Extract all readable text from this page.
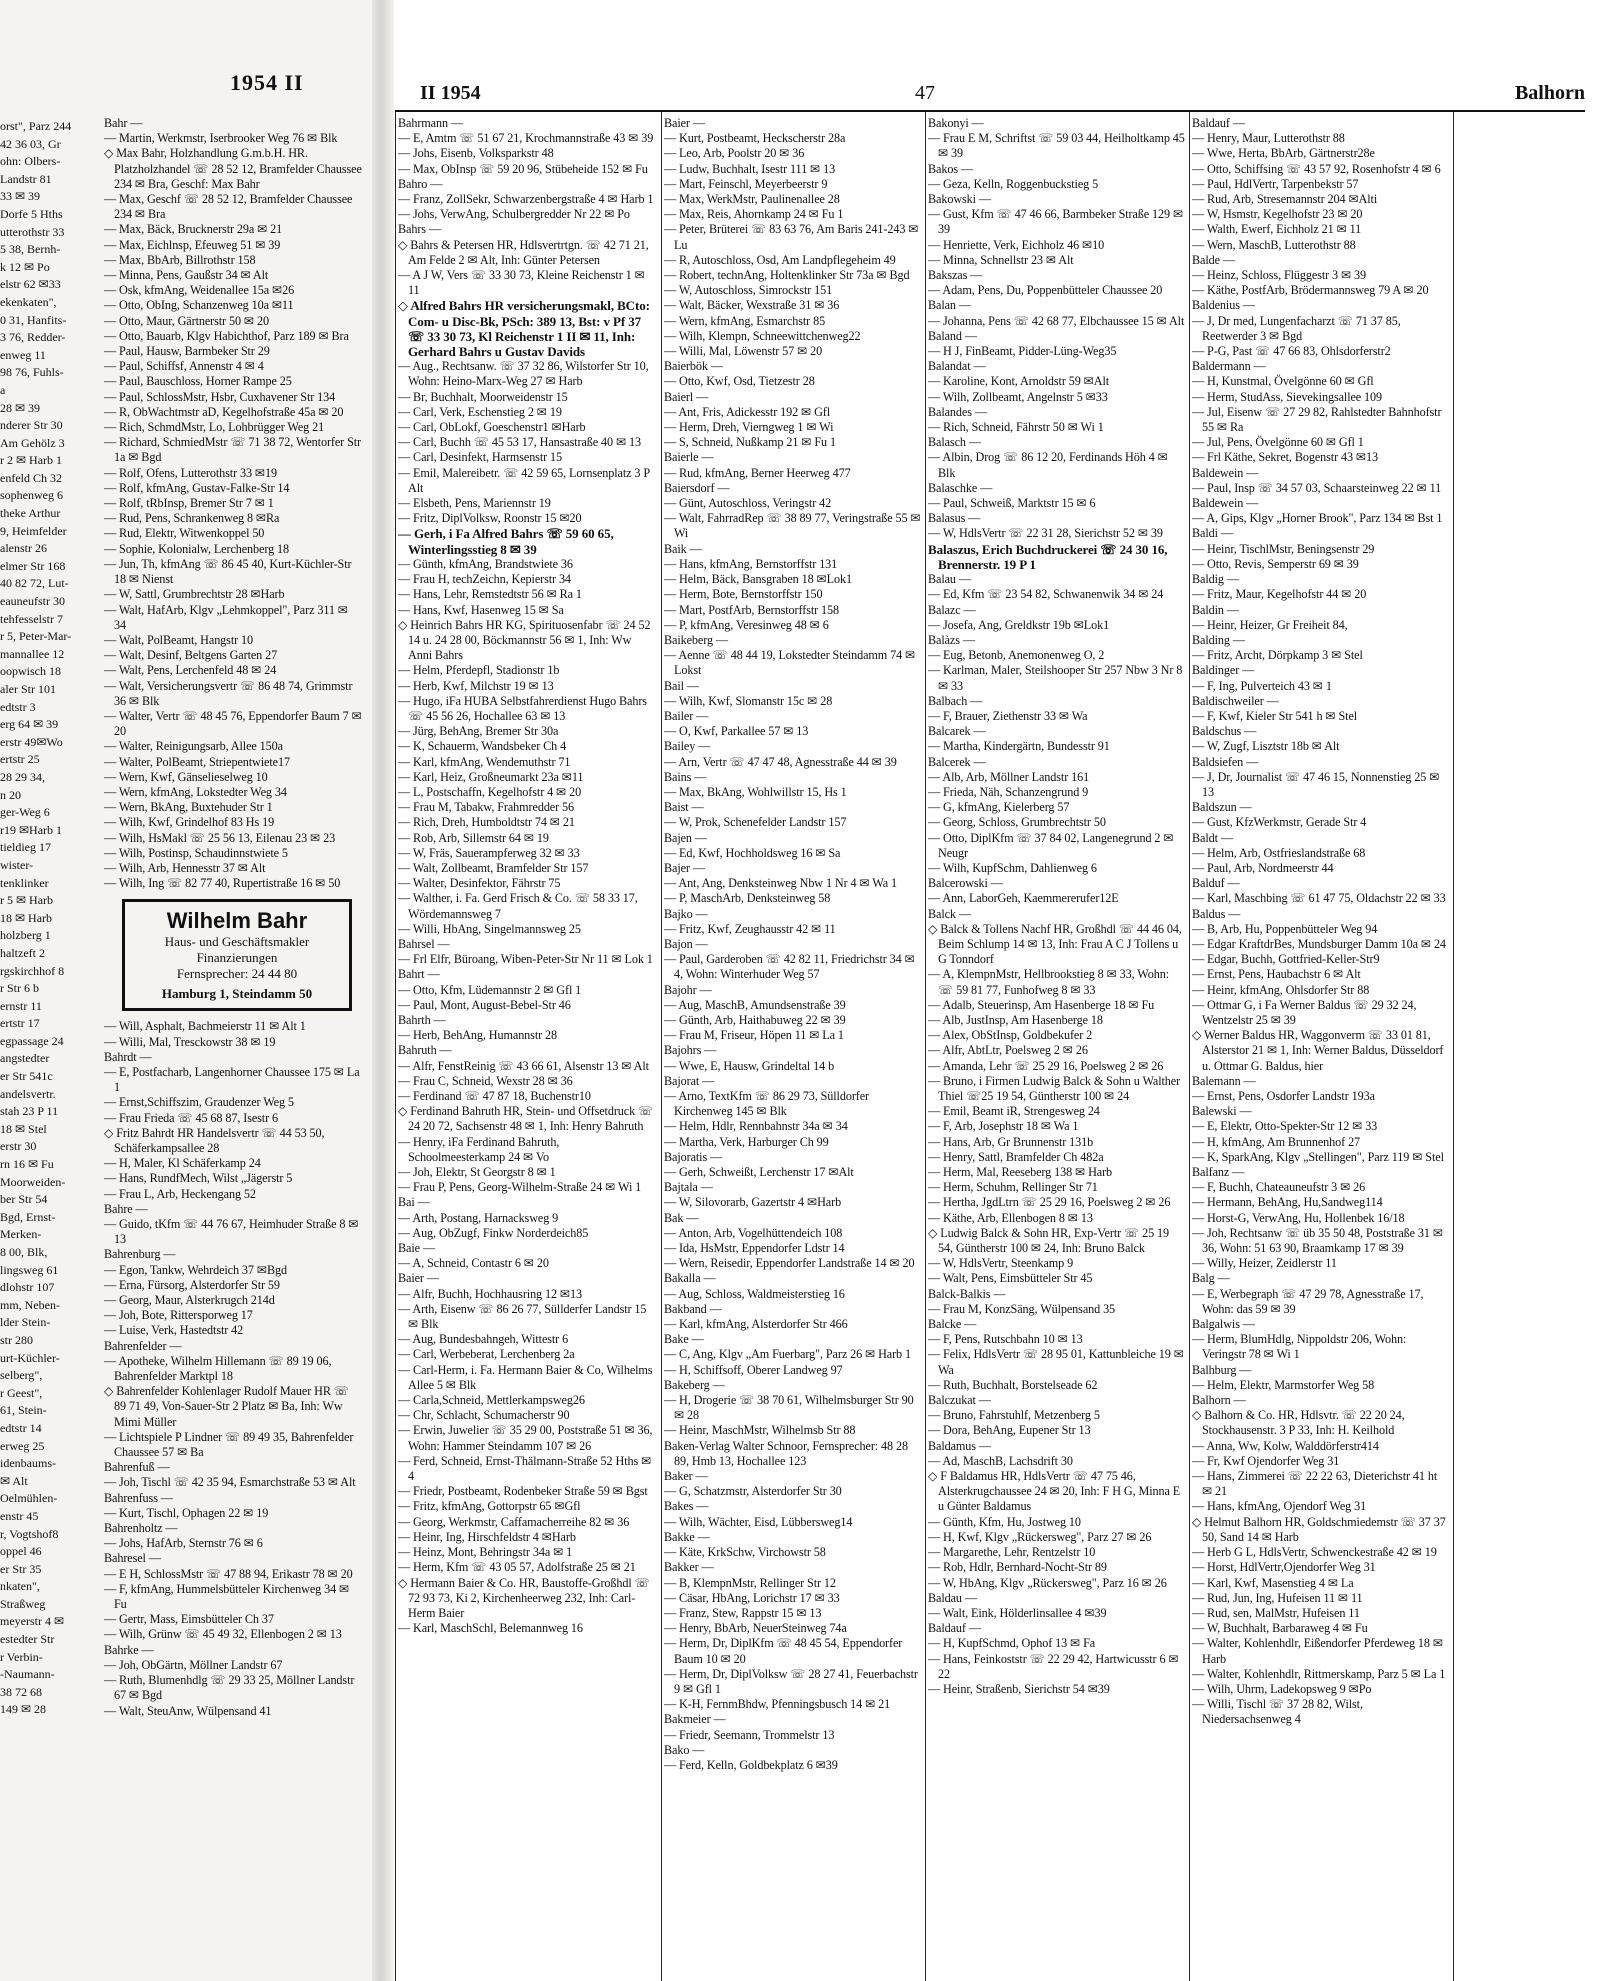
1954 II
orst", Parz 244
42 36 03, Gr
ohn: Olbers-
Landstr 81
33 ✉ 39
Dorfe 5 Hths
utterothstr 33
5 38, Bernh-
k 12 ✉ Po
elstr 62 ✉33
ekenkaten",
0 31, Hanfits-
3 76, Redder-
enweg 11
98 76, Fuhls-
a
28 ✉ 39
nderer Str 30
Am Gehölz 3
r 2 ✉ Harb 1
enfeld Ch 32
sophenweg 6
theke Arthur
9, Heimfelder
alenstr 26
elmer Str 168
40 82 72, Lut-
eauneufstr 30
tehfesselstr 7
r 5, Peter-Mar-
mannallee 12
oopwisch 18
aler Str 101
edtstr 3
erg 64 ✉ 39
erstr 49✉Wo
ertstr 25
28 29 34,
n 20
ger-Weg 6
r19 ✉Harb 1
tieldieg 17
wister-
tenklinker
r 5 ✉ Harb
18 ✉ Harb
holzberg 1
haltzeft 2
rgskirchhof 8
r Str 6 b
ernstr 11
ertstr 17
egpassage 24
angstedter
er Str 541c
andelsvertr.
stah 23 P 11
18 ✉ Stel
erstr 30
rn 16 ✉ Fu
Moorweiden-
ber Str 54
Bgd, Ernst-
Merken-
8 00, Blk,
lingsweg 61
dlohstr 107
mm, Neben-
lder Stein-
str 280
urt-Küchler-
selberg",
r Geest",
61, Stein-
edtstr 14
erweg 25
idenbaums-
✉ Alt
Oelmühlen-
enstr 45
r, Vogtshof8
oppel 46
er Str 35
nkaten",
Straßweg
meyerstr 4 ✉
estedter Str
r Verbin-
-Naumann-
38 72 68
149 ✉ 28
II 1954	47	Balhorn
Bahr —
— Martin, Werkmstr, Iserbrooker Weg 76 ✉ Blk
◇ Max Bahr, Holzhandlung G.m.b.H. HR. Platzholzhandel ☏ 28 52 12, Bramfelder Chaussee 234 ✉ Bra, Geschf: Max Bahr
— Max, Geschf ☏ 28 52 12, Bramfelder Chaussee 234 ✉ Bra
— Max, Bäck, Brucknerstr 29a ✉ 21
— Max, Eichlnsp, Efeuweg 51 ✉ 39
— Max, BbArb, Billrothstr 158
— Minna, Pens, Gaußstr 34 ✉ Alt
— Osk, kfmAng, Weidenallee 15a ✉26
— Otto, ObIng, Schanzenweg 10a ✉11
— Otto, Maur, Gärtnerstr 50 ✉ 20
— Otto, Bauarb, Klgv Habichthof, Parz 189 ✉ Bra
— Paul, Hausw, Barmbeker Str 29
— Paul, Schiffsf, Annenstr 4 ✉ 4
— Paul, Bauschloss, Horner Rampe 25
— Paul, SchlossMstr, Hsbr, Cuxhavener Str 134
— R, ObWachtmstr aD, Kegelhofstraße 45a ✉ 20
— Rich, SchmdMstr, Lo, Lohbrügger Weg 21
— Richard, SchmiedMstr ☏ 71 38 72, Wentorfer Str 1a ✉ Bgd
— Rolf, Ofens, Lutterothstr 33 ✉19
— Rolf, kfmAng, Gustav-Falke-Str 14
— Rolf, tRbInsp, Bremer Str 7 ✉ 1
— Rud, Pens, Schrankenweg 8 ✉Ra
— Rud, Elektr, Witwenkoppel 50
— Sophie, Kolonialw, Lerchenberg 18
— Jun, Th, kfmAng ☏ 86 45 40, Kurt-Küchler-Str 18 ✉ Nienst
— W, Sattl, Grumbrechtstr 28 ✉Harb
— Walt, HafArb, Klgv „Lehmkoppel", Parz 311 ✉ 34
— Walt, PolBeamt, Hangstr 10
— Walt, Desinf, Beltgens Garten 27
— Walt, Pens, Lerchenfeld 48 ✉ 24
— Walt, Versicherungsvertr ☏ 86 48 74, Grimmstr 36 ✉ Blk
— Walter, Vertr ☏ 48 45 76, Eppendorfer Baum 7 ✉ 20
— Walter, Reinigungsarb, Allee 150a
— Walter, PolBeamt, Striepentwiete17
— Wern, Kwf, Gänselieselweg 10
— Wern, kfmAng, Lokstedter Weg 34
— Wern, BkAng, Buxtehuder Str 1
— Wilh, Kwf, Grindelhof 83 Hs 19
— Wilh, HsMakl ☏ 25 56 13, Eilenau 23 ✉ 23
— Wilh, Postinsp, Schaudinnstwiete 5
— Wilh, Arb, Hennesstr 37 ✉ Alt
— Wilh, Ing ☏ 82 77 40, Rupertistraße 16 ✉ 50
Wilhelm Bahr
Haus- und Geschäftsmakler
Finanzierungen
Fernsprecher: 24 44 80
Hamburg 1, Steindamm 50
— Will, Asphalt, Bachmeierstr 11 ✉ Alt 1
— Willi, Mal, Tresckowstr 38 ✉ 19
Bahrdt —
— E, Postfacharb, Langenhorner Chaussee 175 ✉ La 1
— Ernst,Schiffszim, Graudenzer Weg 5
— Frau Frieda ☏ 45 68 87, Isestr 6
◇ Fritz Bahrdt HR Handelsvertr ☏ 44 53 50, Schäferkampsallee 28
— H, Maler, Kl Schäferkamp 24
— Hans, RundfMech, Wilst „Jägerstr 5
— Frau L, Arb, Heckengang 52
Bahre —
— Guido, tKfm ☏ 44 76 67, Heimhuder Straße 8 ✉ 13
Bahrenburg —
— Egon, Tankw, Wehrdeich 37 ✉Bgd
— Erna, Fürsorg, Alsterdorfer Str 59
— Georg, Maur, Alsterkrugch 214d
— Joh, Bote, Rittersporweg 17
— Luise, Verk, Hastedtstr 42
Bahrenfelder —
— Apotheke, Wilhelm Hillemann ☏ 89 19 06, Bahrenfelder Marktpl 18
◇ Bahrenfelder Kohlenlager Rudolf Mauer HR ☏ 89 71 49, Von-Sauer-Str 2 Platz ✉ Ba, Inh: Ww Mimi Müller
— Lichtspiele P Lindner ☏ 89 49 35, Bahrenfelder Chaussee 57 ✉ Ba
Bahrenfuß —
— Joh, Tischl ☏ 42 35 94, Esmarchstraße 53 ✉ Alt
Bahrenfuss —
— Kurt, Tischl, Ophagen 22 ✉ 19
Bahrenholtz —
— Johs, HafArb, Sternstr 76 ✉ 6
Bahresel —
— E H, SchlossMstr ☏ 47 88 94, Erikastr 78 ✉ 20
— F, kfmAng, Hummelsbütteler Kirchenweg 34 ✉ Fu
— Gertr, Mass, Eimsbütteler Ch 37
— Wilh, Grünw ☏ 45 49 32, Ellenbogen 2 ✉ 13
Bahrke —
— Joh, ObGärtn, Möllner Landstr 67
— Ruth, Blumenhdlg ☏ 29 33 25, Möllner Landstr 67 ✉ Bgd
— Walt, SteuAnw, Wülpensand 41
Bahrmann —
— E, Amtm ☏ 51 67 21, Krochmannstraße 43 ✉ 39
— Johs, Eisenb, Volksparkstr 48
— Max, ObInsp ☏ 59 20 96, Stübeheide 152 ✉ Fu
Bahro —
— Franz, ZollSekr, Schwarzenbergstraße 4 ✉ Harb 1
— Johs, VerwAng, Schulbergredder Nr 22 ✉ Po
Bahrs —
◇ Bahrs & Petersen HR, Hdlsvertrtgn. ☏ 42 71 21, Am Felde 2 ✉ Alt, Inh: Günter Petersen
— A J W, Vers ☏ 33 30 73, Kleine Reichenstr 1 ✉ 11
◇ Alfred Bahrs HR versicherungsmakl, BCto: Com- u Disc-Bk, PSch: 389 13, Bst: v Pf 37 ☏ 33 30 73, Kl Reichenstr 1 II ✉ 11, Inh: Gerhard Bahrs u Gustav Davids
— Aug., Rechtsanw. ☏ 37 32 86, Wilstorfer Str 10, Wohn: Heino-Marx-Weg 27 ✉ Harb
— Br, Buchhalt, Moorweidenstr 15
— Carl, Verk, Eschenstieg 2 ✉ 19
— Carl, ObLokf, Goeschenstr1 ✉Harb
— Carl, Buchh ☏ 45 53 17, Hansastraße 40 ✉ 13
— Carl, Desinfekt, Harmsenstr 15
— Emil, Malereibetr. ☏ 42 59 65, Lornsenplatz 3 P Alt
— Elsbeth, Pens, Mariennstr 19
— Fritz, DiplVolksw, Roonstr 15 ✉20
— Gerh, i Fa Alfred Bahrs ☏ 59 60 65, Winterlingsstieg 8 ✉ 39
— Günth, kfmAng, Brandstwiete 36
— Frau H, techZeichn, Kepierstr 34
— Hans, Lehr, Remstedtstr 56 ✉ Ra 1
— Hans, Kwf, Hasenweg 15 ✉ Sa
◇ Heinrich Bahrs HR KG, Spirituosenfabr ☏ 24 52 14 u. 24 28 00, Böckmannstr 56 ✉ 1, Inh: Ww Anni Bahrs
— Helm, Pferdepfl, Stadionstr 1b
— Herb, Kwf, Milchstr 19 ✉ 13
— Hugo, iFa HUBA Selbstfahrerdienst Hugo Bahrs ☏ 45 56 26, Hochallee 63 ✉ 13
— Jürg, BehAng, Bremer Str 30a
— K, Schauerm, Wandsbeker Ch 4
— Karl, kfmAng, Wendemuthstr 71
— Karl, Heiz, Großneumarkt 23a ✉11
— L, Postschaffn, Kegelhofstr 4 ✉ 20
— Frau M, Tabakw, Frahmredder 56
— Rich, Dreh, Humboldtstr 74 ✉ 21
— Rob, Arb, Sillemstr 64 ✉ 19
— W, Fräs, Sauerampferweg 32 ✉ 33
— Walt, Zollbeamt, Bramfelder Str 157
— Walter, Desinfektor, Fährstr 75
— Walther, i. Fa. Gerd Frisch & Co. ☏ 58 33 17, Wördemannsweg 7
— Willi, HbAng, Singelmannsweg 25
Bahrsel —
— Frl Elfr, Büroang, Wiben-Peter-Str Nr 11 ✉ Lok 1
Bahrt —
— Otto, Kfm, Lüdemannstr 2 ✉ Gfl 1
— Paul, Mont, August-Bebel-Str 46
Bahrth —
— Herb, BehAng, Humannstr 28
Bahruth —
— Alfr, FenstReinig ☏ 43 66 61, Alsenstr 13 ✉ Alt
— Frau C, Schneid, Wexstr 28 ✉ 36
— Ferdinand ☏ 47 87 18, Buchenstr10
◇ Ferdinand Bahruth HR, Stein- und Offsetdruck ☏ 24 20 72, Sachsenstr 48 ✉ 1, Inh: Henry Bahruth
— Henry, iFa Ferdinand Bahruth, Schoolmeesterkamp 24 ✉ Vo
— Joh, Elektr, St Georgstr 8 ✉ 1
— Frau P, Pens, Georg-Wilhelm-Straße 24 ✉ Wi 1
Bai —
— Arth, Postang, Harnacksweg 9
— Aug, ObZugf, Finkw Norderdeich85
Baie —
— A, Schneid, Contastr 6 ✉ 20
Baier —
— Alfr, Buchh, Hochhausring 12 ✉13
— Arth, Eisenw ☏ 86 26 77, Süllderfer Landstr 15 ✉ Blk
— Aug, Bundesbahngeh, Wittestr 6
— Carl, Werbeberat, Lerchenberg 2a
— Carl-Herm, i. Fa. Hermann Baier & Co, Wilhelms Allee 5 ✉ Blk
— Carla,Schneid, Mettlerkampsweg26
— Chr, Schlacht, Schumacherstr 90
— Erwin, Juwelier ☏ 35 29 00, Poststraße 51 ✉ 36, Wohn: Hammer Steindamm 107 ✉ 26
— Ferd, Schneid, Ernst-Thälmann-Straße 52 Hths ✉ 4
— Friedr, Postbeamt, Rodenbeker Straße 59 ✉ Bgst
— Fritz, kfmAng, Gottorpstr 65 ✉Gfl
— Georg, Werkmstr, Caffamacherreihe 82 ✉ 36
— Heinr, Ing, Hirschfeldstr 4 ✉Harb
— Heinz, Mont, Behringstr 34a ✉ 1
— Herm, Kfm ☏ 43 05 57, Adolfstraße 25 ✉ 21
◇ Hermann Baier & Co. HR, Baustoffe-Großhdl ☏ 72 93 73, Ki 2, Kirchenheerweg 232, Inh: Carl-Herm Baier
— Karl, MaschSchl, Belemannweg 16
Baier —
— Kurt, Postbeamt, Heckscherstr 28a
— Leo, Arb, Poolstr 20 ✉ 36
— Ludw, Buchhalt, Isestr 111 ✉ 13
— Mart, Feinschl, Meyerbeerstr 9
— Max, WerkMstr, Paulinenallee 28
— Max, Reis, Ahornkamp 24 ✉ Fu 1
— Peter, Brüterei ☏ 83 63 76, Am Baris 241-243 ✉ Lu
— R, Autoschloss, Osd, Am Landpflegeheim 49
— Robert, technAng, Holtenklinker Str 73a ✉ Bgd
— W, Autoschloss, Simrockstr 151
— Walt, Bäcker, Wexstraße 31 ✉ 36
— Wern, kfmAng, Esmarchstr 85
— Wilh, Klempn, Schneewittchenweg22
— Willi, Mal, Löwenstr 57 ✉ 20
Baierbök —
— Otto, Kwf, Osd, Tietzestr 28
Baierl —
— Ant, Fris, Adickesstr 192 ✉ Gfl
— Herm, Dreh, Vierngweg 1 ✉ Wi
— S, Schneid, Nußkamp 21 ✉ Fu 1
Baierle —
— Rud, kfmAng, Berner Heerweg 477
Baiersdorf —
— Günt, Autoschloss, Veringstr 42
— Walt, FahrradRep ☏ 38 89 77, Veringstraße 55 ✉ Wi
Baik —
— Hans, kfmAng, Bernstorffstr 131
— Helm, Bäck, Bansgraben 18 ✉Lok1
— Herm, Bote, Bernstorffstr 150
— Mart, PostfArb, Bernstorffstr 158
— P, kfmAng, Veresinweg 48 ✉ 6
Baikeberg —
— Aenne ☏ 48 44 19, Lokstedter Steindamm 74 ✉ Lokst
Bail —
— Wilh, Kwf, Slomanstr 15c ✉ 28
Bailer —
— O, Kwf, Parkallee 57 ✉ 13
Bailey —
— Arn, Vertr ☏ 47 47 48, Agnesstraße 44 ✉ 39
Bains —
— Max, BkAng, Wohlwillstr 15, Hs 1
Baist —
— W, Prok, Schenefelder Landstr 157
Bajen —
— Ed, Kwf, Hochholdsweg 16 ✉ Sa
Bajer —
— Ant, Ang, Denksteinweg Nbw 1 Nr 4 ✉ Wa 1
— P, MaschArb, Denksteinweg 58
Bajko —
— Fritz, Kwf, Zeughausstr 42 ✉ 11
Bajon —
— Paul, Garderoben ☏ 42 82 11, Friedrichstr 34 ✉ 4, Wohn: Winterhuder Weg 57
Bajohr —
— Aug, MaschB, Amundsenstraße 39
— Günth, Arb, Haithabuweg 22 ✉ 39
— Frau M, Friseur, Höpen 11 ✉ La 1
Bajohrs —
— Wwe, E, Hausw, Grindeltal 14 b
Bajorat —
— Arno, TextKfm ☏ 86 29 73, Sülldorfer Kirchenweg 145 ✉ Blk
— Helm, Hdlr, Rennbahnstr 34a ✉ 34
— Martha, Verk, Harburger Ch 99
Bajoratis —
— Gerh, Schweißt, Lerchenstr 17 ✉Alt
Bajtala —
— W, Silovorarb, Gazertstr 4 ✉Harb
Bak —
— Anton, Arb, Vogelhüttendeich 108
— Ida, HsMstr, Eppendorfer Ldstr 14
— Wern, Reisedir, Eppendorfer Landstraße 14 ✉ 20
Bakalla —
— Aug, Schloss, Waldmeisterstieg 16
Bakband —
— Karl, kfmAng, Alsterdorfer Str 466
Bake —
— C, Ang, Klgv „Am Fuerbarg", Parz 26 ✉ Harb 1
— H, Schiffsoff, Oberer Landweg 97
Bakeberg —
— H, Drogerie ☏ 38 70 61, Wilhelmsburger Str 90 ✉ 28
— Heinr, MaschMstr, Wilhelmsb Str 88
Baken-Verlag Walter Schnoor, Fernsprecher: 48 28 89, Hmb 13, Hochallee 123
Baker —
— G, Schatzmstr, Alsterdorfer Str 30
Bakes —
— Wilh, Wächter, Eisd, Lübbersweg14
Bakke —
— Käte, KrkSchw, Virchowstr 58
Bakker —
— B, KlempnMstr, Rellinger Str 12
— Cäsar, HbAng, Lorichstr 17 ✉ 33
— Franz, Stew, Rappstr 15 ✉ 13
— Henry, BbArb, NeuerSteinweg 74a
— Herm, Dr, DiplKfm ☏ 48 45 54, Eppendorfer Baum 10 ✉ 20
— Herm, Dr, DiplVolksw ☏ 28 27 41, Feuerbachstr 9 ✉ Gfl 1
— K-H, FernmBhdw, Pfenningsbusch 14 ✉ 21
Bakmeier —
— Friedr, Seemann, Trommelstr 13
Bako —
— Ferd, Kelln, Goldbekplatz 6 ✉39
Bakonyi —
— Frau E M, Schriftst ☏ 59 03 44, Heilholtkamp 45 ✉ 39
Bakos —
— Geza, Kelln, Roggenbuckstieg 5
Bakowski —
— Gust, Kfm ☏ 47 46 66, Barmbeker Straße 129 ✉ 39
— Henriette, Verk, Eichholz 46 ✉10
— Minna, Schnellstr 23 ✉ Alt
Bakszas —
— Adam, Pens, Du, Poppenbütteler Chaussee 20
Balan —
— Johanna, Pens ☏ 42 68 77, Elbchaussee 15 ✉ Alt
Baland —
— H J, FinBeamt, Pidder-Lüng-Weg35
Balandat —
— Karoline, Kont, Arnoldstr 59 ✉Alt
— Wilh, Zollbeamt, Angelnstr 5 ✉33
Balandes —
— Rich, Schneid, Fährstr 50 ✉ Wi 1
Balasch —
— Albin, Drog ☏ 86 12 20, Ferdinands Höh 4 ✉ Blk
Balaschke —
— Paul, Schweiß, Marktstr 15 ✉ 6
Balasus —
— W, HdlsVertr ☏ 22 31 28, Sierichstr 52 ✉ 39
Balaszus, Erich Buchdruckerei ☏ 24 30 16, Brennerstr. 19 P 1
Balau —
— Ed, Kfm ☏ 23 54 82, Schwanenwik 34 ✉ 24
Balazc —
— Josefa, Ang, Greldkstr 19b ✉Lok1
Balàzs —
— Eug, Betonb, Anemonenweg O, 2
— Karlman, Maler, Steilshooper Str 257 Nbw 3 Nr 8 ✉ 33
Balbach —
— F, Brauer, Ziethenstr 33 ✉ Wa
Balcarek —
— Martha, Kindergärtn, Bundesstr 91
Balcerek —
— Alb, Arb, Möllner Landstr 161
— Frieda, Näh, Schanzengrund 9
— G, kfmAng, Kielerberg 57
— Georg, Schloss, Grumbrechtstr 50
— Otto, DiplKfm ☏ 37 84 02, Langenegrund 2 ✉ Neugr
— Wilh, KupfSchm, Dahlienweg 6
Balcerowski —
— Ann, LaborGeh, Kaemmererufer12E
Balck —
◇ Balck & Tollens Nachf HR, Großhdl ☏ 44 46 04, Beim Schlump 14 ✉ 13, Inh: Frau A C J Tollens u G Tonndorf
— A, KlempnMstr, Hellbrookstieg 8 ✉ 33, Wohn: ☏ 59 81 77, Funhofweg 8 ✉ 33
— Adalb, Steuerinsp, Am Hasenberge 18 ✉ Fu
— Alb, JustInsp, Am Hasenberge 18
— Alex, ObStInsp, Goldbekufer 2
— Alfr, AbtLtr, Poelsweg 2 ✉ 26
— Amanda, Lehr ☏ 25 29 16, Poelsweg 2 ✉ 26
— Bruno, i Firmen Ludwig Balck & Sohn u Walther Thiel ☏25 19 54, Güntherstr 100 ✉ 24
— Emil, Beamt iR, Strengesweg 24
— F, Arb, Josephstr 18 ✉ Wa 1
— Hans, Arb, Gr Brunnenstr 131b
— Henry, Sattl, Bramfelder Ch 482a
— Herm, Mal, Reeseberg 138 ✉ Harb
— Herm, Schuhm, Rellinger Str 71
— Hertha, JgdLtrn ☏ 25 29 16, Poelsweg 2 ✉ 26
— Käthe, Arb, Ellenbogen 8 ✉ 13
◇ Ludwig Balck & Sohn HR, Exp-Vertr ☏ 25 19 54, Güntherstr 100 ✉ 24, Inh: Bruno Balck
— W, HdlsVertr, Steenkamp 9
— Walt, Pens, Eimsbütteler Str 45
Balck-Balkis —
— Frau M, KonzSäng, Wülpensand 35
Balcke —
— F, Pens, Rutschbahn 10 ✉ 13
— Felix, HdlsVertr ☏ 28 95 01, Kattunbleiche 19 ✉ Wa
— Ruth, Buchhalt, Borstelseade 62
Balczukat —
— Bruno, Fahrstuhlf, Metzenberg 5
— Dora, BehAng, Eupener Str 13
Baldamus —
— Ad, MaschB, Lachsdrift 30
◇ F Baldamus HR, HdlsVertr ☏ 47 75 46, Alsterkrugchaussee 24 ✉ 20, Inh: F H G, Minna E u Günter Baldamus
— Günth, Kfm, Hu, Jostweg 10
— H, Kwf, Klgv „Rückersweg", Parz 27 ✉ 26
— Margarethe, Lehr, Rentzelstr 10
— Rob, Hdlr, Bernhard-Nocht-Str 89
— W, HbAng, Klgv „Rückersweg", Parz 16 ✉ 26
Baldau —
— Walt, Eink, Hölderlinsallee 4 ✉39
Baldauf —
— H, KupfSchmd, Ophof 13 ✉ Fa
— Hans, Feinkoststr ☏ 22 29 42, Hartwicusstr 6 ✉ 22
— Heinr, Straßenb, Sierichstr 54 ✉39
Baldauf —
— Henry, Maur, Lutterothstr 88
— Wwe, Herta, BbArb, Gärtnerstr28e
— Otto, Schiffsing ☏ 43 57 92, Rosenhofstr 4 ✉ 6
— Paul, HdlVertr, Tarpenbekstr 57
— Rud, Arb, Stresemannstr 204 ✉Alti
— W, Hsmstr, Kegelhofstr 23 ✉ 20
— Walth, Ewerf, Eichholz 21 ✉ 11
— Wern, MaschB, Lutterothstr 88
Balde —
— Heinz, Schloss, Flüggestr 3 ✉ 39
— Käthe, PostfArb, Brödermannsweg 79 A ✉ 20
Baldenius —
— J, Dr med, Lungenfacharzt ☏ 71 37 85, Reetwerder 3 ✉ Bgd
— P-G, Past ☏ 47 66 83, Ohlsdorferstr2
Baldermann —
— H, Kunstmal, Övelgönne 60 ✉ Gfl
— Herm, StudAss, Sievekingsallee 109
— Jul, Eisenw ☏ 27 29 82, Rahlstedter Bahnhofstr 55 ✉ Ra
— Jul, Pens, Övelgönne 60 ✉ Gfl 1
— Frl Käthe, Sekret, Bogenstr 43 ✉13
Baldewein —
— Paul, Insp ☏ 34 57 03, Schaarsteinweg 22 ✉ 11
Baldewein —
— A, Gips, Klgv „Horner Brook", Parz 134 ✉ Bst 1
Baldi —
— Heinr, TischlMstr, Beningsenstr 29
— Otto, Revis, Semperstr 69 ✉ 39
Baldig —
— Fritz, Maur, Kegelhofstr 44 ✉ 20
Baldin —
— Heinr, Heizer, Gr Freiheit 84,
Balding —
— Fritz, Archt, Dörpkamp 3 ✉ Stel
Baldinger —
— F, Ing, Pulverteich 43 ✉ 1
Baldischweiler —
— F, Kwf, Kieler Str 541 h ✉ Stel
Baldschus —
— W, Zugf, Lisztstr 18b ✉ Alt
Baldsiefen —
— J, Dr, Journalist ☏ 47 46 15, Nonnenstieg 25 ✉ 13
Baldszun —
— Gust, KfzWerkmstr, Gerade Str 4
Baldt —
— Helm, Arb, Ostfrieslandstraße 68
— Paul, Arb, Nordmeerstr 44
Balduf —
— Karl, Maschbing ☏ 61 47 75, Oldachstr 22 ✉ 33
Baldus —
— B, Arb, Hu, Poppenbütteler Weg 94
— Edgar KraftdrBes, Mundsburger Damm 10a ✉ 24
— Edgar, Buchh, Gottfried-Keller-Str9
— Ernst, Pens, Haubachstr 6 ✉ Alt
— Heinr, kfmAng, Ohlsdorfer Str 88
— Ottmar G, i Fa Werner Baldus ☏ 29 32 24, Wentzelstr 25 ✉ 39
◇ Werner Baldus HR, Waggonverm ☏ 33 01 81, Alsterstor 21 ✉ 1, Inh: Werner Baldus, Düsseldorf u. Ottmar G. Baldus, hier
Balemann —
— Ernst, Pens, Osdorfer Landstr 193a
Balewski —
— E, Elektr, Otto-Spekter-Str 12 ✉ 33
— H, kfmAng, Am Brunnenhof 27
— K, SparkAng, Klgv „Stellingen", Parz 119 ✉ Stel
Balfanz —
— F, Buchh, Chateauneufstr 3 ✉ 26
— Hermann, BehAng, Hu,Sandweg114
— Horst-G, VerwAng, Hu, Hollenbek 16/18
— Joh, Rechtsanw ☏ üb 35 50 48, Poststraße 31 ✉ 36, Wohn: 51 63 90, Braamkamp 17 ✉ 39
— Willy, Heizer, Zeidlerstr 11
Balg —
— E, Werbegraph ☏ 47 29 78, Agnesstraße 17, Wohn: das 59 ✉ 39
Balgalwis —
— Herm, BlumHdlg, Nippoldstr 206, Wohn: Veringstr 78 ✉ Wi 1
Balhburg —
— Helm, Elektr, Marmstorfer Weg 58
Balhorn —
◇ Balhorn & Co. HR, Hdlsvtr. ☏ 22 20 24, Stockhausenstr. 3 P 33, Inh: H. Keilhold
— Anna, Ww, Kolw, Walddörferstr414
— Fr, Kwf Ojendorfer Weg 31
— Hans, Zimmerei ☏ 22 22 63, Dieterichstr 41 ht ✉ 21
— Hans, kfmAng, Ojendorf Weg 31
◇ Helmut Balhorn HR, Goldschmiedemstr ☏ 37 37 50, Sand 14 ✉ Harb
— Herb G L, HdlsVertr, Schwenckestraße 42 ✉ 19
— Horst, HdlVertr,Ojendorfer Weg 31
— Karl, Kwf, Masenstieg 4 ✉ La
— Rud, Jun, Ing, Hufeisen 11 ✉ 11
— Rud, sen, MalMstr, Hufeisen 11
— W, Buchhalt, Barbaraweg 4 ✉ Fu
— Walter, Kohlenhdlr, Eißendorfer Pferdeweg 18 ✉ Harb
— Walter, Kohlenhdlr, Rittmerskamp, Parz 5 ✉ La 1
— Wilh, Uhrm, Ladekopsweg 9 ✉Po
— Willi, Tischl ☏ 37 28 82, Wilst, Niedersachsenweg 4
